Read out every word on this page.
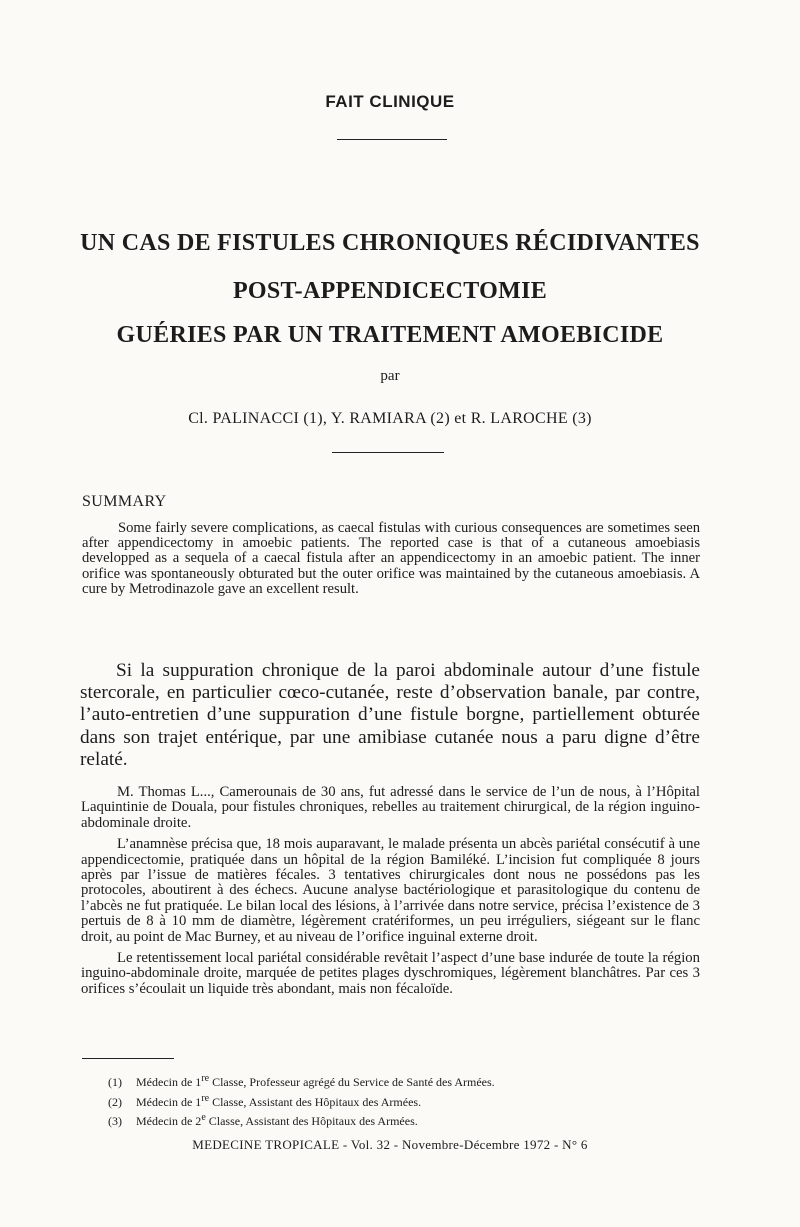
FAIT CLINIQUE
UN CAS DE FISTULES CHRONIQUES RÉCIDIVANTES
POST-APPENDICECTOMIE
GUÉRIES PAR UN TRAITEMENT AMOEBICIDE
par
Cl. PALINACCI (1), Y. RAMIARA (2) et R. LAROCHE (3)
SUMMARY
Some fairly severe complications, as caecal fistulas with curious consequences are sometimes seen after appendicectomy in amoebic patients. The reported case is that of a cutaneous amoebiasis developped as a sequela of a caecal fistula after an appendicectomy in an amoebic patient. The inner orifice was spontaneously obturated but the outer orifice was maintained by the cutaneous amoebiasis. A cure by Metrodinazole gave an excellent result.
Si la suppuration chronique de la paroi abdominale autour d’une fistule stercorale, en particulier cœco-cutanée, reste d’observation banale, par contre, l’auto-entretien d’une suppuration d’une fistule borgne, partiellement obturée dans son trajet entérique, par une amibiase cutanée nous a paru digne d’être relaté.

M. Thomas L..., Camerounais de 30 ans, fut adressé dans le service de l’un de nous, à l’Hôpital Laquintinie de Douala, pour fistules chroniques, rebelles au traitement chirurgical, de la région inguino-abdominale droite.

L’anamnèse précisa que, 18 mois auparavant, le malade présenta un abcès pariétal consécutif à une appendicectomie, pratiquée dans un hôpital de la région Bamiléké. L’incision fut compliquée 8 jours après par l’issue de matières fécales. 3 tentatives chirurgicales dont nous ne possédons pas les protocoles, aboutirent à des échecs. Aucune analyse bactériologique et parasitologique du contenu de l’abcès ne fut pratiquée. Le bilan local des lésions, à l’arrivée dans notre service, précisa l’existence de 3 pertuis de 8 à 10 mm de diamètre, légèrement cratériformes, un peu irréguliers, siégeant sur le flanc droit, au point de Mac Burney, et au niveau de l’orifice inguinal externe droit.

Le retentissement local pariétal considérable revêtait l’aspect d’une base indurée de toute la région inguino-abdominale droite, marquée de petites plages dyschromiques, légèrement blanchâtres. Par ces 3 orifices s’écoulait un liquide très abondant, mais non fécaloïde.

(1) Médecin de 1re Classe, Professeur agrégé du Service de Santé des Armées.
(2) Médecin de 1re Classe, Assistant des Hôpitaux des Armées.
(3) Médecin de 2e Classe, Assistant des Hôpitaux des Armées.
MEDECINE TROPICALE - Vol. 32 - Novembre-Décembre 1972 - N° 6
